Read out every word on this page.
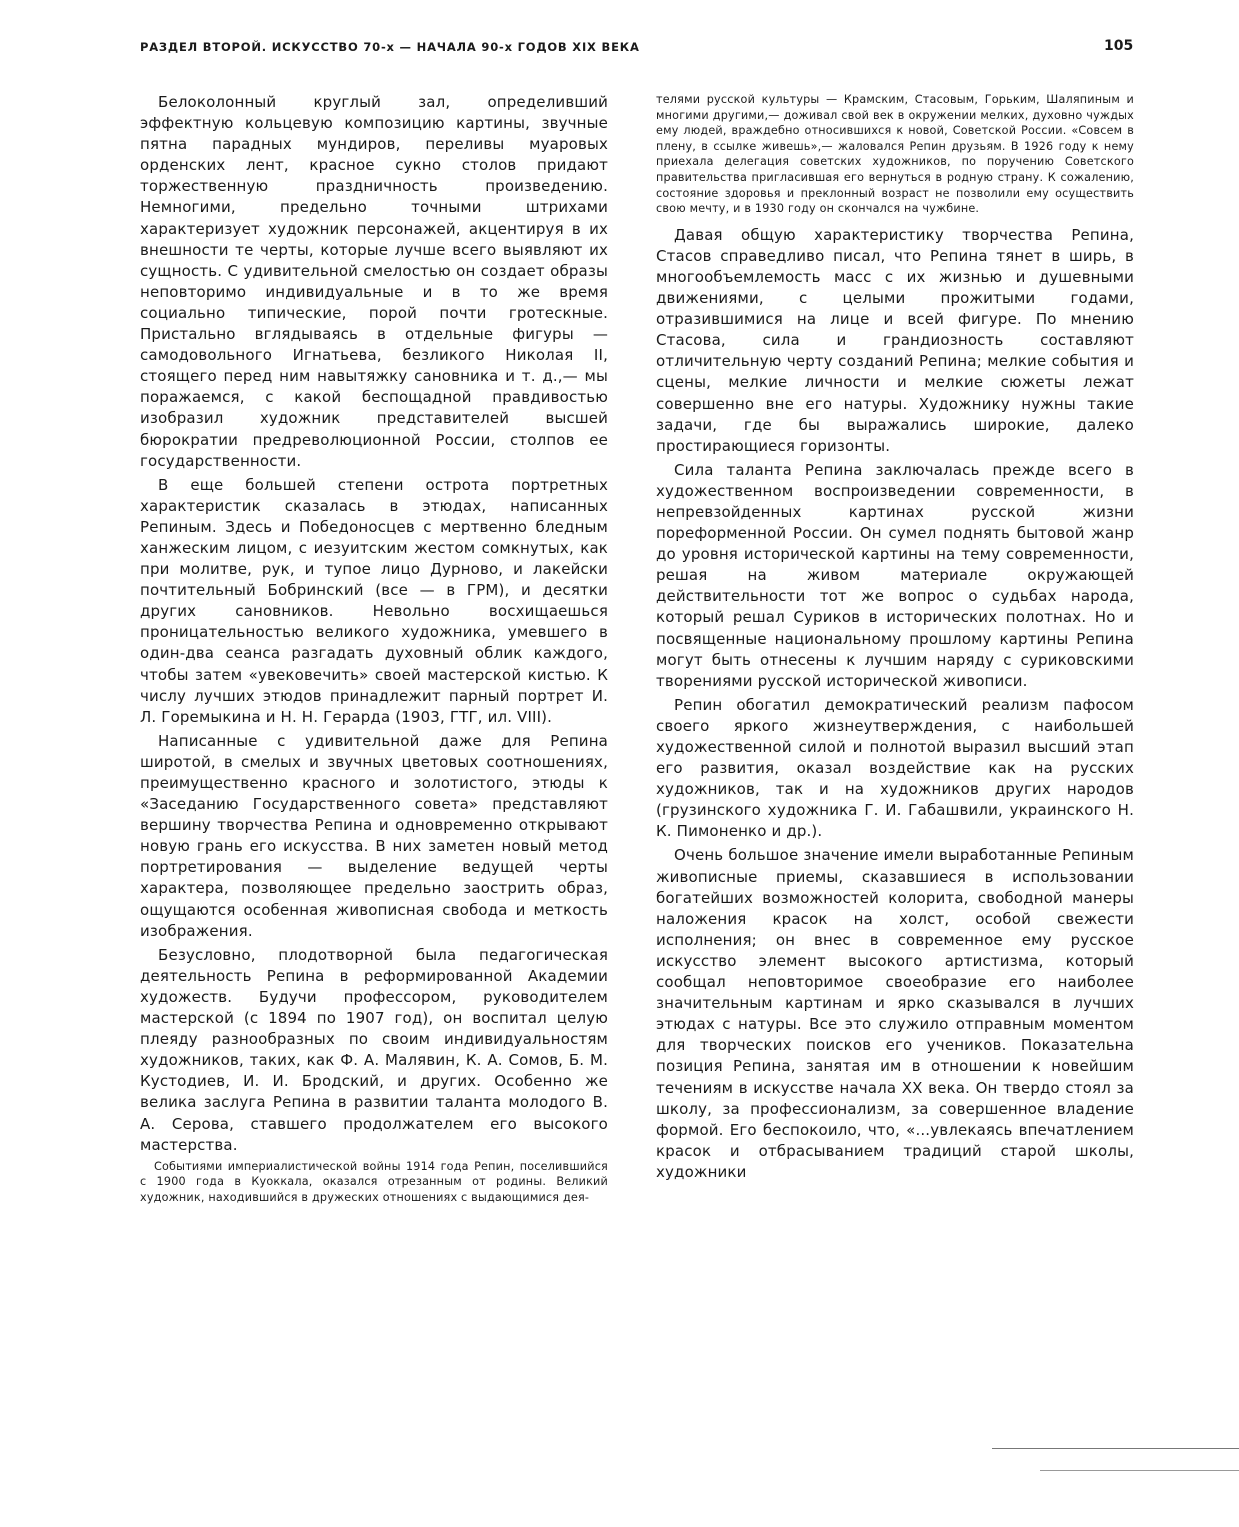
РАЗДЕЛ ВТОРОЙ. ИСКУССТВО 70-х — НАЧАЛА 90-х ГОДОВ XIX ВЕКА	105

Белоколонный круглый зал, определивший эффектную кольцевую композицию картины, звучные пятна парадных мундиров, переливы муаровых орденских лент, красное сукно столов придают торжественную праздничность произведению. Немногими, предельно точными штрихами характеризует художник персонажей, акцентируя в их внешности те черты, которые лучше всего выявляют их сущность. С удивительной смелостью он создает образы неповторимо индивидуальные и в то же время социально типические, порой почти гротескные. Пристально вглядываясь в отдельные фигуры — самодовольного Игнатьева, безликого Николая II, стоящего перед ним навытяжку сановника и т. д.,— мы поражаемся, с какой беспощадной правдивостью изобразил художник представителей высшей бюрократии предреволюционной России, столпов ее государственности.

В еще большей степени острота портретных характеристик сказалась в этюдах, написанных Репиным. Здесь и Победоносцев с мертвенно бледным ханжеским лицом, с иезуитским жестом сомкнутых, как при молитве, рук, и тупое лицо Дурново, и лакейски почтительный Бобринский (все — в ГРМ), и десятки других сановников. Невольно восхищаешься проницательностью великого художника, умевшего в один-два сеанса разгадать духовный облик каждого, чтобы затем «увековечить» своей мастерской кистью. К числу лучших этюдов принадлежит парный портрет И. Л. Горемыкина и Н. Н. Герарда (1903, ГТГ, ил. VIII).

Написанные с удивительной даже для Репина широтой, в смелых и звучных цветовых соотношениях, преимущественно красного и золотистого, этюды к «Заседанию Государственного совета» представляют вершину творчества Репина и одновременно открывают новую грань его искусства. В них заметен новый метод портретирования — выделение ведущей черты характера, позволяющее предельно заострить образ, ощущаются особенная живописная свобода и меткость изображения.

Безусловно, плодотворной была педагогическая деятельность Репина в реформированной Академии художеств. Будучи профессором, руководителем мастерской (с 1894 по 1907 год), он воспитал целую плеяду разнообразных по своим индивидуальностям художников, таких, как Ф. А. Малявин, К. А. Сомов, Б. М. Кустодиев, И. И. Бродский, и других. Особенно же велика заслуга Репина в развитии таланта молодого В. А. Серова, ставшего продолжателем его высокого мастерства.

Событиями империалистической войны 1914 года Репин, поселившийся с 1900 года в Куоккала, оказался отрезанным от родины. Великий художник, находившийся в дружеских отношениях с выдающимися дея-

телями русской культуры — Крамским, Стасовым, Горьким, Шаляпиным и многими другими,— доживал свой век в окружении мелких, духовно чуждых ему людей, враждебно относившихся к новой, Советской России. «Совсем в плену, в ссылке живешь»,— жаловался Репин друзьям. В 1926 году к нему приехала делегация советских художников, по поручению Советского правительства пригласившая его вернуться в родную страну. К сожалению, состояние здоровья и преклонный возраст не позволили ему осуществить свою мечту, и в 1930 году он скончался на чужбине.

Давая общую характеристику творчества Репина, Стасов справедливо писал, что Репина тянет в ширь, в многообъемлемость масс с их жизнью и душевными движениями, с целыми прожитыми годами, отразившимися на лице и всей фигуре. По мнению Стасова, сила и грандиозность составляют отличительную черту созданий Репина; мелкие события и сцены, мелкие личности и мелкие сюжеты лежат совершенно вне его натуры. Художнику нужны такие задачи, где бы выражались широкие, далеко простирающиеся горизонты.

Сила таланта Репина заключалась прежде всего в художественном воспроизведении современности, в непревзойденных картинах русской жизни пореформенной России. Он сумел поднять бытовой жанр до уровня исторической картины на тему современности, решая на живом материале окружающей действительности тот же вопрос о судьбах народа, который решал Суриков в исторических полотнах. Но и посвященные национальному прошлому картины Репина могут быть отнесены к лучшим наряду с суриковскими творениями русской исторической живописи.

Репин обогатил демократический реализм пафосом своего яркого жизнеутверждения, с наибольшей художественной силой и полнотой выразил высший этап его развития, оказал воздействие как на русских художников, так и на художников других народов (грузинского художника Г. И. Габашвили, украинского Н. К. Пимоненко и др.).

Очень большое значение имели выработанные Репиным живописные приемы, сказавшиеся в использовании богатейших возможностей колорита, свободной манеры наложения красок на холст, особой свежести исполнения; он внес в современное ему русское искусство элемент высокого артистизма, который сообщал неповторимое своеобразие его наиболее значительным картинам и ярко сказывался в лучших этюдах с натуры. Все это служило отправным моментом для творческих поисков его учеников. Показательна позиция Репина, занятая им в отношении к новейшим течениям в искусстве начала XX века. Он твердо стоял за школу, за профессионализм, за совершенное владение формой. Его беспокоило, что, «...увлекаясь впечатлением красок и отбрасыванием традиций старой школы, художники
